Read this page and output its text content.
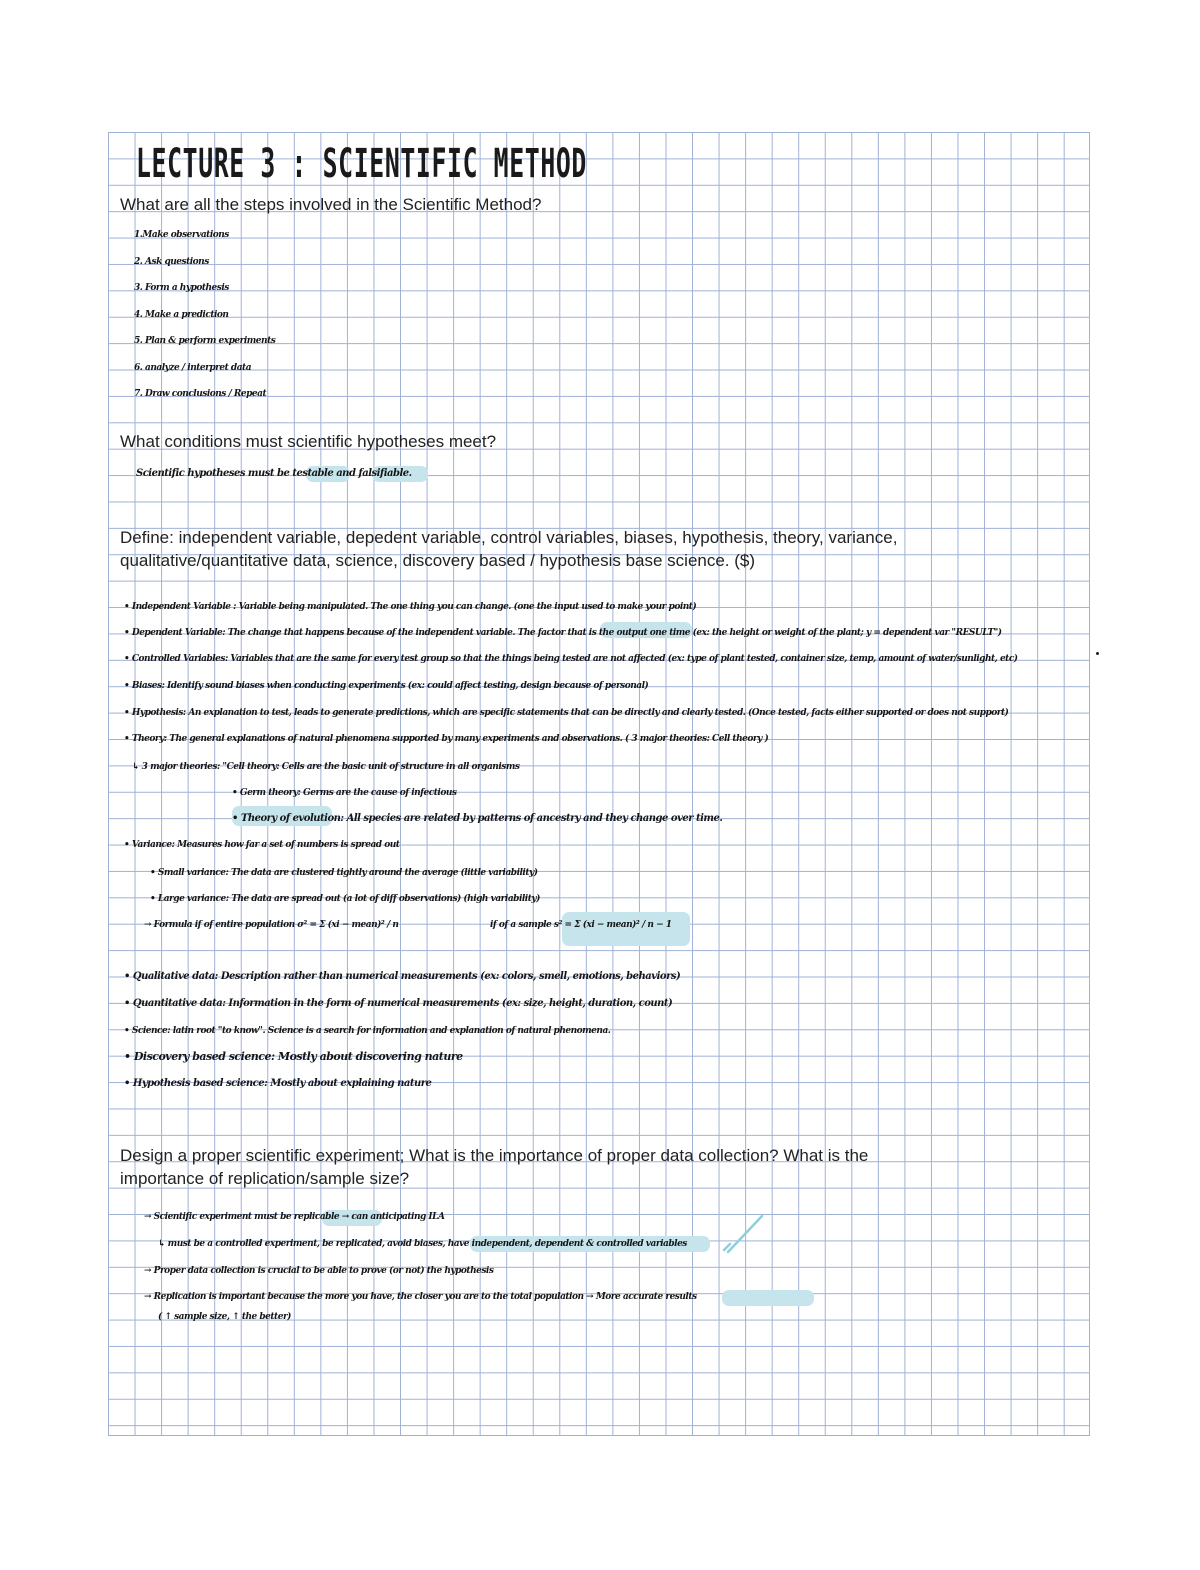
LECTURE 3 : SCIENTIFIC METHOD
What are all the steps involved in the Scientific Method?
1.Make observations
2. Ask questions
3. Form a hypothesis
4. Make a prediction
5. Plan & perform experiments
6. analyze / interpret data
7. Draw conclusions / Repeat
What conditions must scientific hypotheses meet?
Scientific hypotheses must be testable and falsifiable.
Define: independent variable, depedent variable, control variables, biases, hypothesis, theory, variance,
qualitative/quantitative data, science, discovery based / hypothesis base science. ($)
• Independent Variable : Variable being manipulated. The one thing you can change. (one the input used to make your point)
• Dependent Variable: The change that happens because of the independent variable. The factor that is the output one time (ex: the height or weight of the plant; y = dependent var "RESULT")
• Controlled Variables: Variables that are the same for every test group so that the things being tested are not affected (ex: type of plant tested, container size, temp, amount of water/sunlight, etc)
• Biases: Identify sound biases when conducting experiments (ex: could affect testing, design because of personal)
• Hypothesis: An explanation to test, leads to generate predictions, which are specific statements that can be directly and clearly tested. (Once tested, facts either supported or does not support)
• Theory: The general explanations of natural phenomena supported by many experiments and observations. ( 3 major theories: Cell theory )
↳ 3 major theories: "Cell theory: Cells are the basic unit of structure in all organisms
• Germ theory: Germs are the cause of infectious
• Theory of evolution: All species are related by patterns of ancestry and they change over time.
• Variance: Measures how far a set of numbers is spread out
• Small variance: The data are clustered tightly around the average (little variability)
• Large variance: The data are spread out (a lot of diff observations) (high variability)
→ Formula if of entire population σ² = Σ (xi − mean)² / n	if of a sample s² = Σ (xi − mean)² / n − 1
• Qualitative data: Description rather than numerical measurements (ex: colors, smell, emotions, behaviors)
• Quantitative data: Information in the form of numerical measurements (ex: size, height, duration, count)
• Science: latin root "to know". Science is a search for information and explanation of natural phenomena.
• Discovery based science: Mostly about discovering nature
• Hypothesis based science: Mostly about explaining nature
Design a proper scientific experiment; What is the importance of proper data collection? What is the
importance of replication/sample size?
→ Scientific experiment must be replicable → can anticipating ILA
↳ must be a controlled experiment, be replicated, avoid biases, have independent, dependent & controlled variables
→ Proper data collection is crucial to be able to prove (or not) the hypothesis
→ Replication is important because the more you have, the closer you are to the total population → More accurate results
( ↑ sample size, ↑ the better)
